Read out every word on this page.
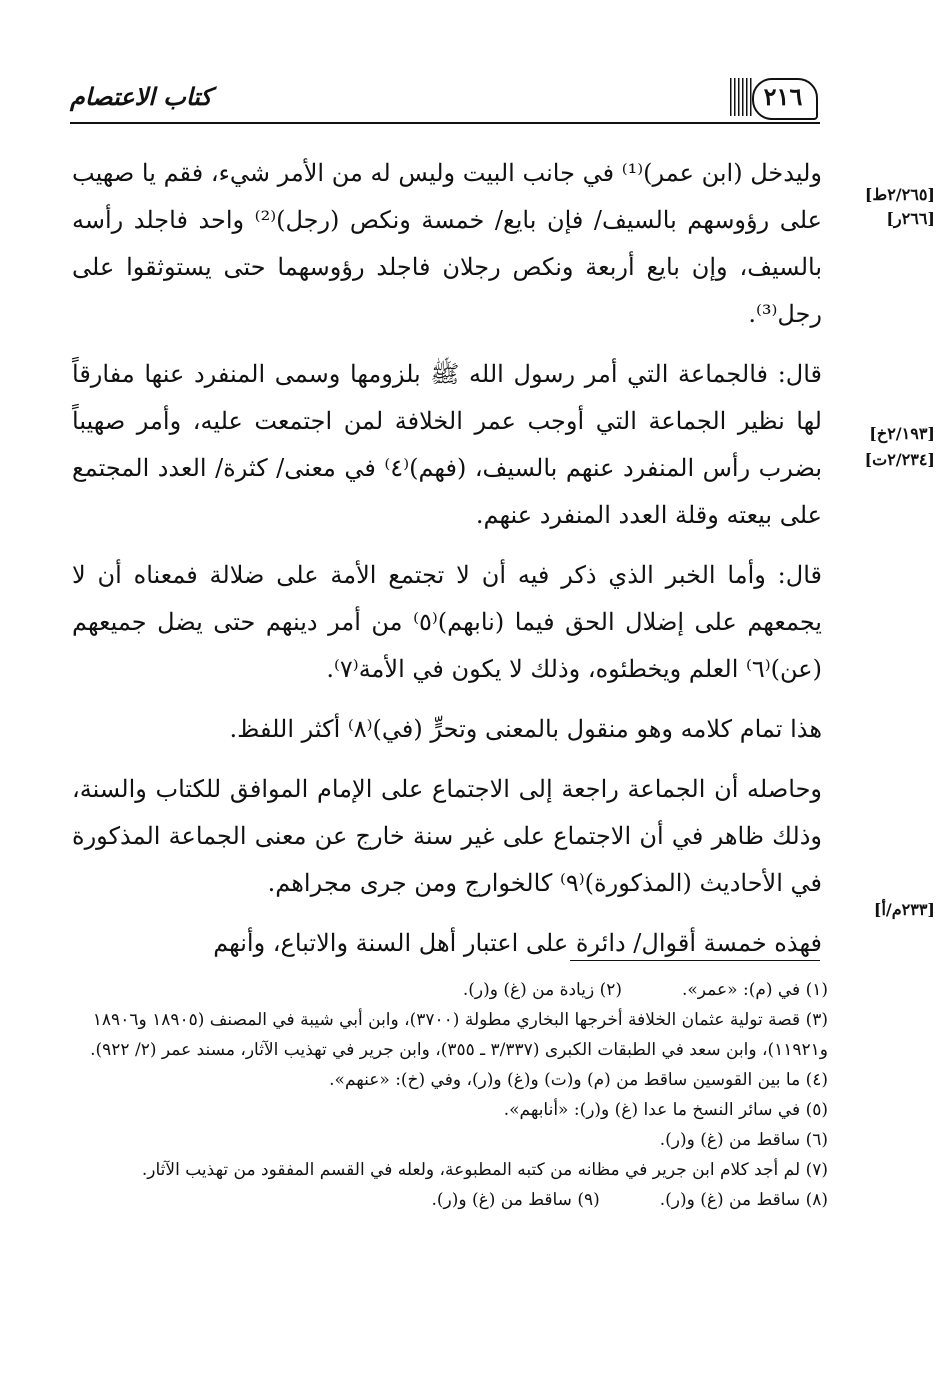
كتاب الاعتصام	٢١٦
[٢/٢٦٥ط]
[٢٦٦ر]
[٢/١٩٣خ]
[٢/٢٣٤ت]
[٢٣٣م/أ]
وليدخل (ابن عمر)⁽¹⁾ في جانب البيت وليس له من الأمر شيء، فقم يا صهيب على رؤوسهم بالسيف/ فإن بايع/ خمسة ونكص (رجل)⁽²⁾ واحد فاجلد رأسه بالسيف، وإن بايع أربعة ونكص رجلان فاجلد رؤوسهما حتى يستوثقوا على رجل⁽³⁾.
قال: فالجماعة التي أمر رسول الله ﷺ بلزومها وسمى المنفرد عنها مفارقاً لها نظير الجماعة التي أوجب عمر الخلافة لمن اجتمعت عليه، وأمر صهيباً بضرب رأس المنفرد عنهم بالسيف، (فهم)⁽٤⁾ في معنى/ كثرة/ العدد المجتمع على بيعته وقلة العدد المنفرد عنهم.
قال: وأما الخبر الذي ذكر فيه أن لا تجتمع الأمة على ضلالة فمعناه أن لا يجمعهم على إضلال الحق فيما (نابهم)⁽٥⁾ من أمر دينهم حتى يضل جميعهم (عن)⁽٦⁾ العلم ويخطئوه، وذلك لا يكون في الأمة⁽٧⁾.
هذا تمام كلامه وهو منقول بالمعنى وتحرٍّ (في)⁽٨⁾ أكثر اللفظ.
وحاصله أن الجماعة راجعة إلى الاجتماع على الإمام الموافق للكتاب والسنة، وذلك ظاهر في أن الاجتماع على غير سنة خارج عن معنى الجماعة المذكورة في الأحاديث (المذكورة)⁽٩⁾ كالخوارج ومن جرى مجراهم.
فهذه خمسة أقوال/ دائرة على اعتبار أهل السنة والاتباع، وأنهم

(١) في (م): «عمر».

(٢) زيادة من (غ) و(ر).

(٣) قصة تولية عثمان الخلافة أخرجها البخاري مطولة (٣٧٠٠)، وابن أبي شيبة في المصنف (١٨٩٠٥ و١٨٩٠٦ و١١٩٢١)، وابن سعد في الطبقات الكبرى (٣/٣٣٧ ـ ٣٥٥)، وابن جرير في تهذيب الآثار، مسند عمر (٢/ ٩٢٢).

(٤) ما بين القوسين ساقط من (م) و(ت) و(غ) و(ر)، وفي (خ): «عنهم».

(٥) في سائر النسخ ما عدا (غ) و(ر): «أنابهم».

(٦) ساقط من (غ) و(ر).

(٧) لم أجد كلام ابن جرير في مظانه من كتبه المطبوعة، ولعله في القسم المفقود من تهذيب الآثار.

(٨) ساقط من (غ) و(ر).

(٩) ساقط من (غ) و(ر).
